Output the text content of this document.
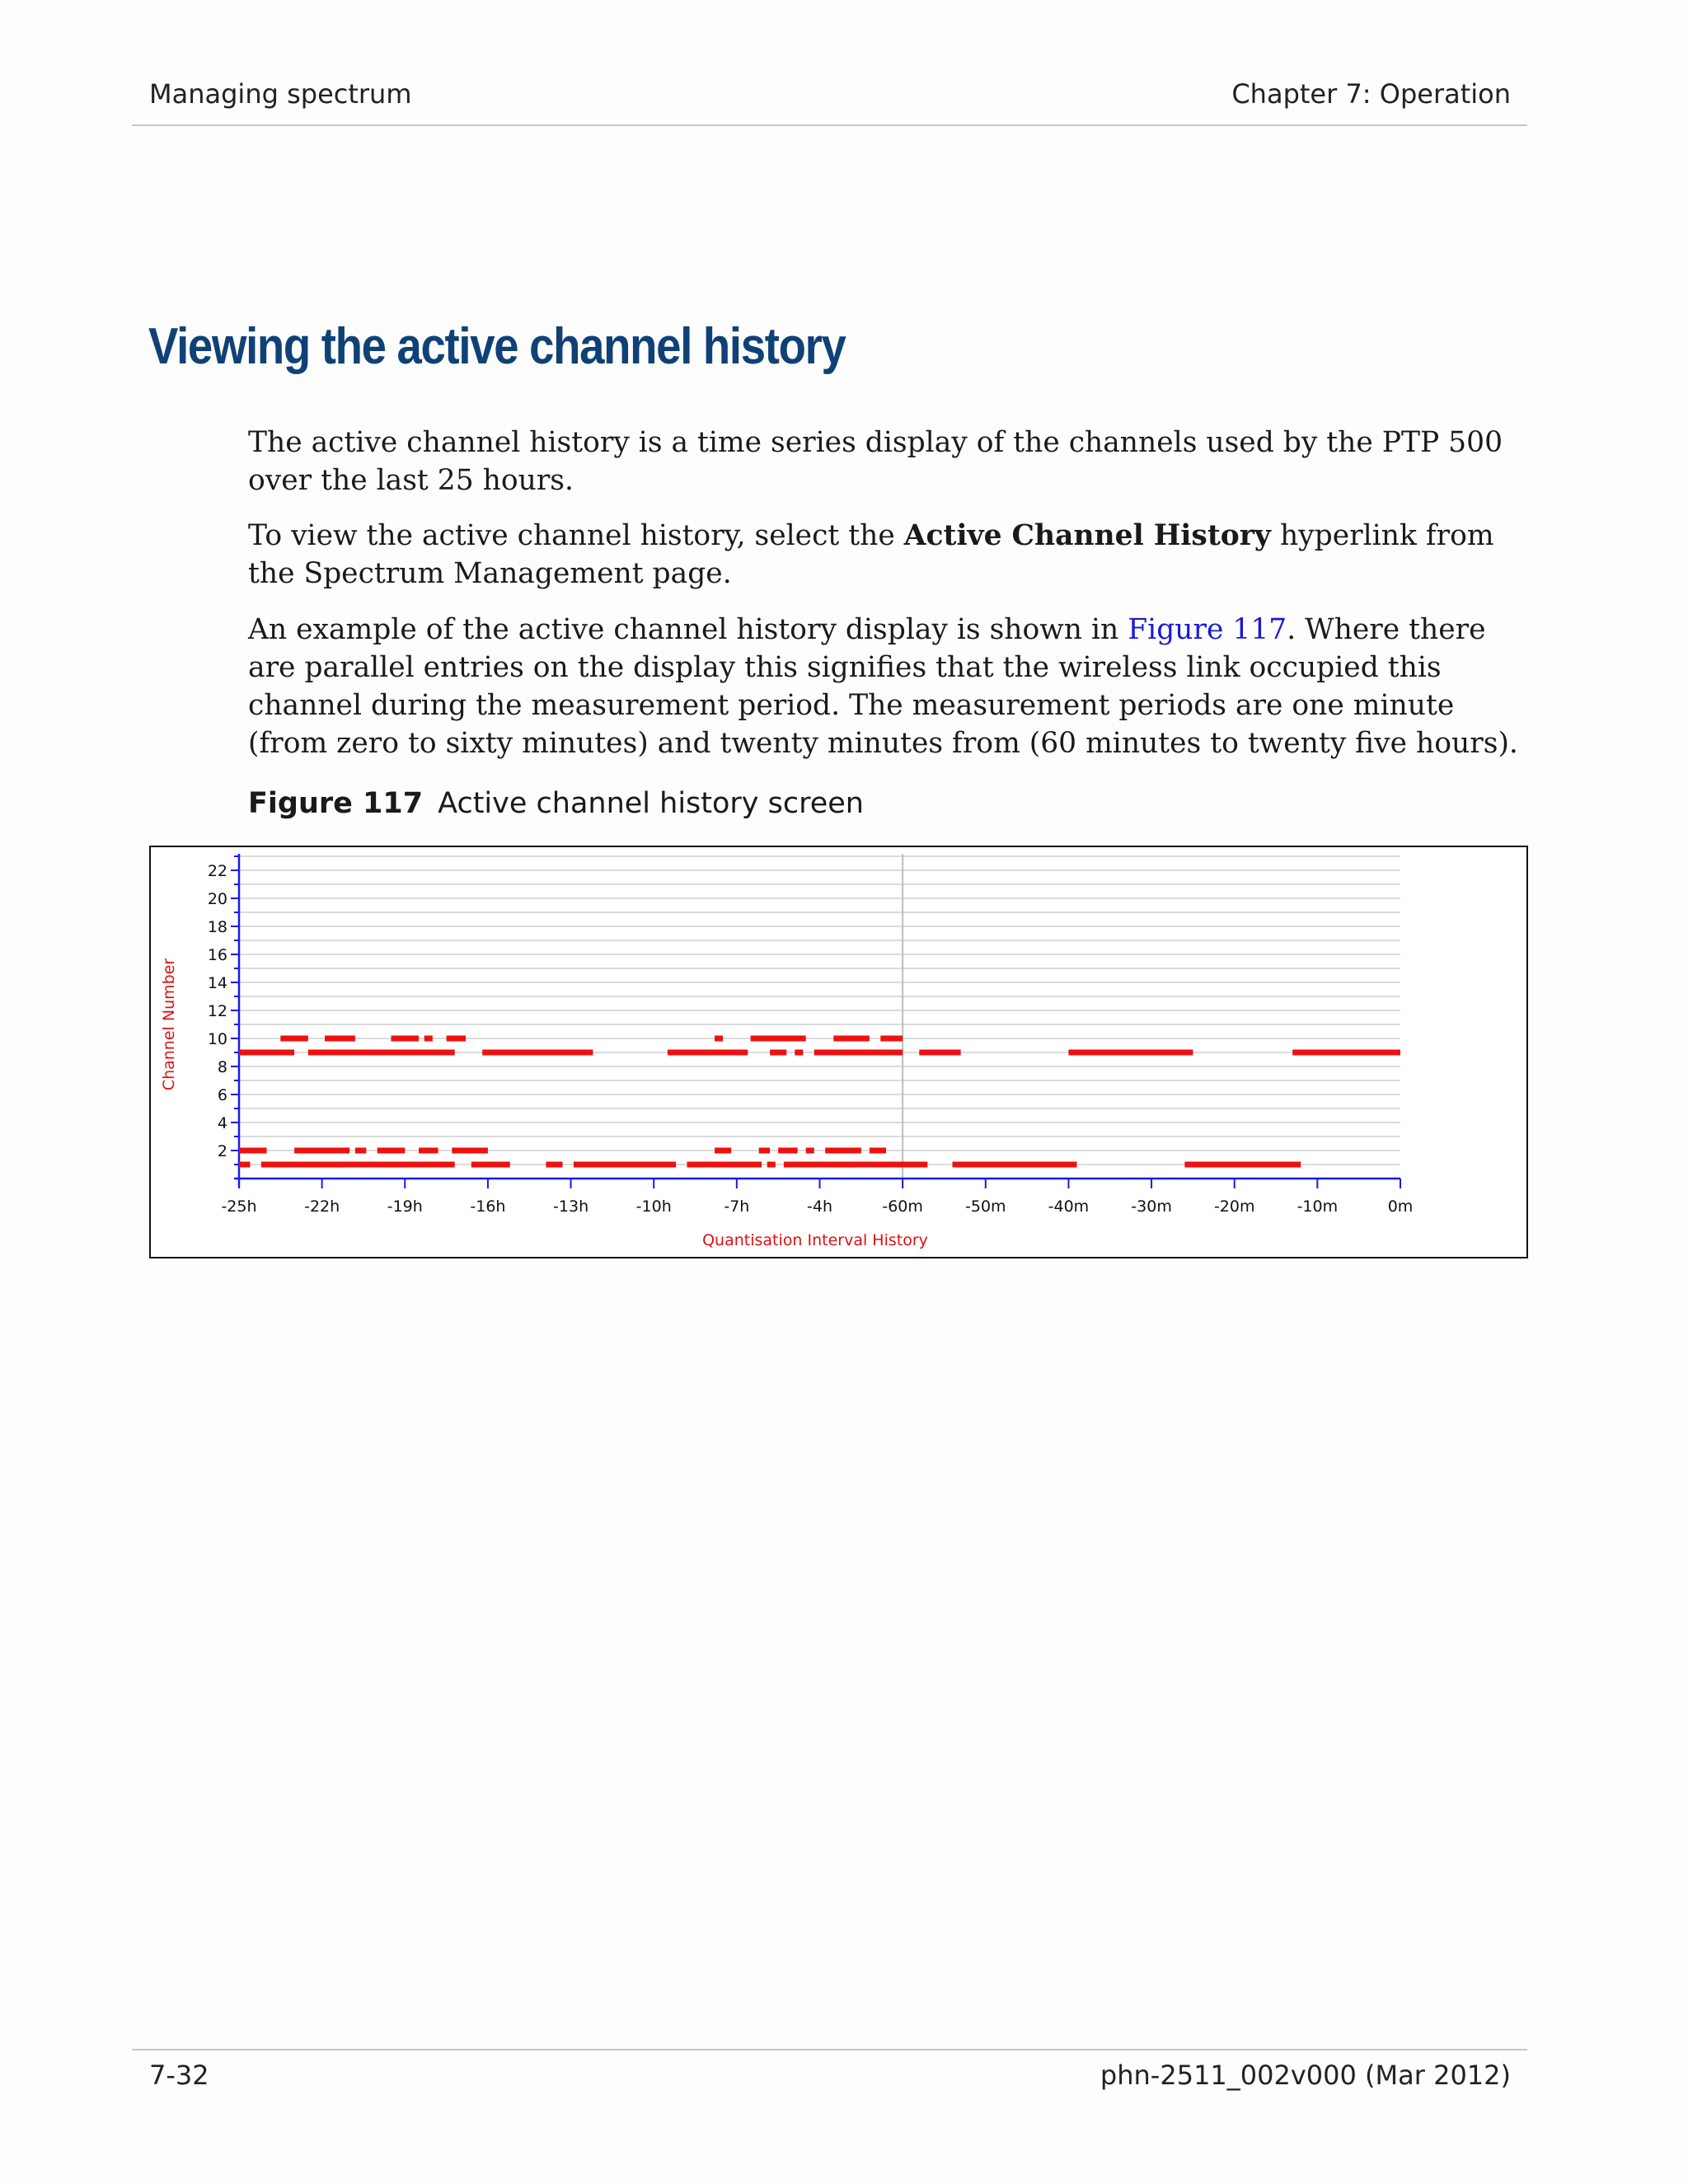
Managing spectrum	Chapter 7: Operation
Viewing the active channel history

The active channel history is a time series display of the channels used by the PTP 500 over the last 25 hours.

To view the active channel history, select the Active Channel History hyperlink from the Spectrum Management page.

An example of the active channel history display is shown in Figure 117. Where there are parallel entries on the display this signifies that the wireless link occupied this channel during the measurement period. The measurement periods are one minute (from zero to sixty minutes) and twenty minutes from (60 minutes to twenty five hours).

Figure 117 Active channel history screen
2
4
6
8
10
12
14
16
18
20
22
-25h	-22h	-19h	-16h	-13h	-10h	-7h	-4h	-60m	-50m	-40m	-30m	-20m	-10m	0m
Quantisation Interval History
Channel Number
7-32	phn-2511_002v000 (Mar 2012)
